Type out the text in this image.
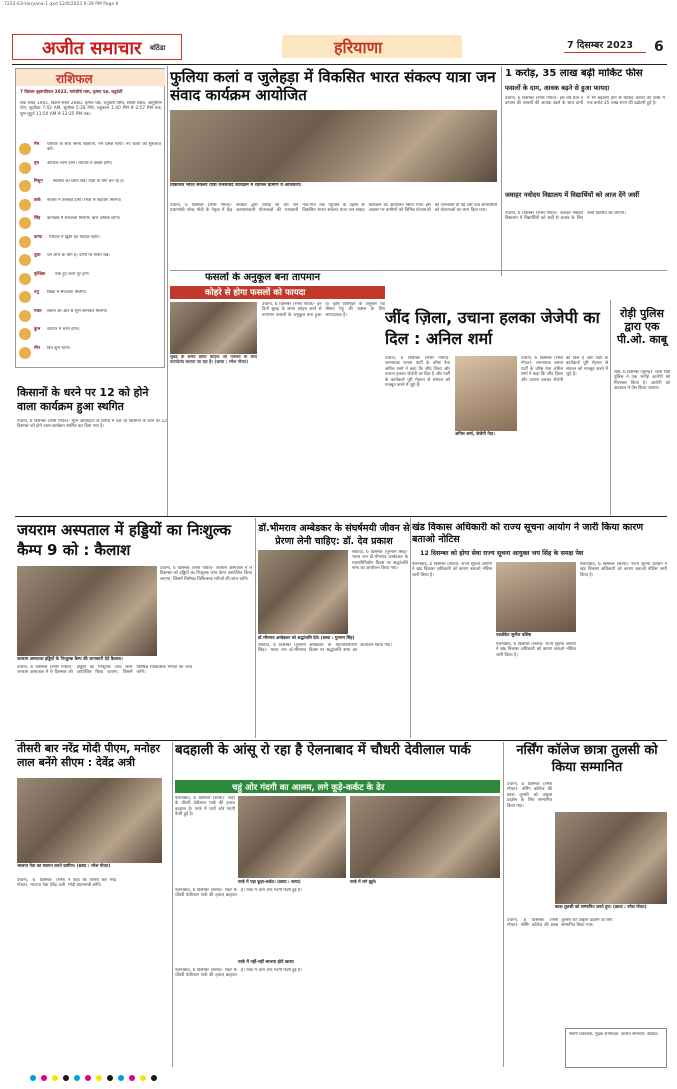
7222-63-Haryana-1.qxd 12/6/2023 9:39 PM Page 6
अजीत समाचार बठिंडा	हरियाणा	7 दिसम्बर 2023 6
राशिफल
7 दिसंबर बृहस्पतिवार 2023, मार्गशीर्ष मास, कृष्णा पक्ष, चतुर्दशी
शक संवत 1945, विक्रम संवत 2080, कृष्णा पक्ष, चतुर्दशी तिथि, स्वाति नक्षत्र, आयुष्मान योग, सूर्योदय 7:02 AM, सूर्यास्त 5:28 PM, राहुकाल 1:40 PM से 2:57 PM तक, शुभ मुहूर्त 11:50 AM से 12:35 PM तक।
मेष परिवार के साथ समय बिताएंगे, मन प्रसन्न रहेगा। नए कार्यों की शुरुआत करें।
वृष आर्थिक लाभ होगा। व्यापार में उन्नति होगी।
मिथुन स्वास्थ्य का ध्यान रखें। यात्रा के योग बन रहे हैं।
कर्क नौकरी में तरक्की होगी। मित्रों से सहयोग मिलेगा।
सिंह कार्यक्षेत्र में सफलता मिलेगी। खर्च अधिक रहेगा।
कन्या परिवार में खुशी का माहौल रहेगा।
तुला धन लाभ के योग हैं। वाणी पर संयम रखें।
वृश्चिक रुके हुए कार्य पूरे होंगे।
धनु शिक्षा में सफलता मिलेगी।
मकर संतान की ओर से शुभ समाचार मिलेगा।
कुंभ व्यापार में लाभ होगा।
मीन दिन शुभ रहेगा।
फुलिया कलां व जुलेहड़ा में विकसित भारत संकल्प यात्रा जन संवाद कार्यक्रम आयोजित
विकसित भारत संकल्प यात्रा जनसंवाद कार्यक्रम में शामिल ग्रामीण व अधिकारी।
उचाना, 6 दिसम्बर (रमेश गोयत)- प्रधानमंत्री नरेन्द्र मोदी के नेतृत्व में केंद्र सरकार द्वारा चलाई जा रही जन कल्याणकारी योजनाओं की जानकारी गांव-गांव तक पहुंचाने के उद्देश्य से विकसित भारत संकल्प यात्रा जन संवाद कार्यक्रम का आयोजन किया गया। इस अवसर पर ग्रामीणों को विभिन्न योजनाओं की जानकारी दी गई और पात्र लाभार्थियों को योजनाओं का लाभ दिया गया।
1 करोड़, 35 लाख बढ़ी मार्किट फीस
फसलों के दाम, आवक बढ़ने से हुआ फायदा
उचाना, 6 दिसम्बर (रमेश गोयत)- इस वर्ष धान व कपास की फसलों की आवक बढ़ने के साथ दामों में भी बढ़ोतरी होने से मार्किट कमेटी की फीस में एक करोड़ 35 लाख रुपए की बढ़ोतरी हुई है।
जवाहर नवोदय विद्यालय में विद्यार्थियों को आज देंगे जर्सी
उचाना, 6 दिसम्बर (रमेश गोयत)- जवाहर नवोदय विद्यालय में विद्यार्थियों को सर्दी से बचाव के लिए जर्सी वितरित की जाएगी।
फसलों के अनुकूल बना तापमान
कोहरे से होगा फसलों को फायदा
सुबह के समय छाया कोहरा जो फसलों के लिए फायदेमंद बताया जा रहा है। (छाया : रमेश गोयत)
उचाना, 6 दिसम्बर (रमेश गोयत)- इन दिनों सुबह के समय कोहरा छाने से तापमान फसलों के अनुकूल बना हुआ है। कृषि विशेषज्ञों के अनुसार यह मौसम गेहूं की फसल के लिए लाभदायक है।
किसानों के धरने पर 12 को होने वाला कार्यक्रम हुआ स्थगित
उचाना, 6 दिसम्बर (रमेश गोयत)- भूमि अधिग्रहण के विरोध में चल रहे किसानों के धरने पर 12 दिसम्बर को होने वाला कार्यक्रम स्थगित कर दिया गया है।
जींद ज़िला, उचाना हलका जेजेपी का दिल : अनिल शर्मा
उचाना, 6 दिसम्बर (रमेश गोयत)- जननायक जनता पार्टी के वरिष्ठ नेता अनिल शर्मा ने कहा कि जींद ज़िला और उचाना हलका जेजेपी का दिल है और पार्टी के कार्यकर्ता पूरी मेहनत से संगठन को मजबूत करने में जुटे हैं।
अनिल शर्मा, जेजेपी नेता।
उचाना, 6 दिसम्बर (रमेश गोयत)- जननायक जनता पार्टी के वरिष्ठ नेता अनिल शर्मा ने कहा कि जींद ज़िला और उचाना हलका जेजेपी का दिल है और पार्टी के कार्यकर्ता पूरी मेहनत से संगठन को मजबूत करने में जुटे हैं।
रोड़ी पुलिस द्वारा एक पी.ओ. काबू
रोड़ी, 6 दिसम्बर (सुरेन्द्र)- थाना रोड़ी पुलिस ने एक भगोड़े आरोपी को गिरफ्तार किया है। आरोपी को अदालत में पेश किया जाएगा।
जयराम अस्पताल में हड्डियों का निःशुल्क कैम्प 9 को : कैलाश
जयराम अस्पताल हड्डियों के निःशुल्क कैम्प की जानकारी देते कैलाश।
उचाना, 6 दिसम्बर (रमेश गोयत)- जयराम अस्पताल में 9 दिसम्बर को हड्डियों का निःशुल्क जांच कैम्प आयोजित किया जाएगा, जिसमें विशेषज्ञ चिकित्सक मरीजों की जांच करेंगे।
उचाना, 6 दिसम्बर (रमेश गोयत)- जयराम अस्पताल में 9 दिसम्बर को हड्डियों का निःशुल्क जांच कैम्प आयोजित किया जाएगा, जिसमें विशेषज्ञ चिकित्सक मरीजों की जांच करेंगे।
डॉ.भीमराव अम्बेडकर के संघर्षमयी जीवन से प्रेरणा लेनी चाहिए: डॉ. देव प्रकाश
डॉ.भीमराव अम्बेडकर को श्रद्धांजलि देते। (छाया : गुरनाम सिंह)
सफीदों, 6 दिसम्बर (गुरनाम सिंह)- भारत रत्न डॉ.भीमराव अम्बेडकर के महापरिनिर्वाण दिवस पर श्रद्धांजलि सभा का आयोजन किया गया।
सफीदों, 6 दिसम्बर (गुरनाम सिंह)- भारत रत्न डॉ.भीमराव अम्बेडकर के महापरिनिर्वाण दिवस पर श्रद्धांजलि सभा का आयोजन किया गया।
खंड विकास अधिकारी को राज्य सूचना आयोग ने जारी किया कारण बताओ नोटिस
12 दिसम्बर को होगा सेवा राज्य सूचना आयुक्त जय सिंह के समक्ष पेश
ऐलनाबाद, 6 दिसम्बर (सत्या)- राज्य सूचना आयोग ने खंड विकास अधिकारी को कारण बताओ नोटिस जारी किया है।
एडवोकेट सुनील वशिष्ठ
ऐलनाबाद, 6 दिसम्बर (सत्या)- राज्य सूचना आयोग ने खंड विकास अधिकारी को कारण बताओ नोटिस जारी किया है।
ऐलनाबाद, 6 दिसम्बर (सत्या)- राज्य सूचना आयोग ने खंड विकास अधिकारी को कारण बताओ नोटिस जारी किया है।
तीसरी बार नरेंद्र मोदी पीएम, मनोहर लाल बनेंगे सीएम : देवेंद्र अत्री
भाजपा नेता का स्वागत करते ग्रामीण। (छाया : रमेश गोयत)
उचाना, 6 दिसम्बर (रमेश गोयत)- भाजपा नेता देवेंद्र अत्री ने कहा कि तीसरी बार नरेंद्र मोदी प्रधानमंत्री बनेंगे।
बदहाली के आंसू रो रहा है ऐलनाबाद में चौधरी देवीलाल पार्क
चहुं ओर गंदगी का आलम, लगे कूड़े-कर्कट के ढेर
ऐलनाबाद, 6 दिसम्बर (सत्या)- शहर के चौधरी देवीलाल पार्क की हालत बदहाल है। पार्क में चारों ओर गंदगी फैली हुई है।
पार्क में पड़ा कूड़ा-कर्कट। (छाया : सत्या)	पार्क में लगे झूले।
ऐलनाबाद, 6 दिसम्बर (सत्या)- शहर के चौधरी देवीलाल पार्क की हालत बदहाल है। पार्क में चारों ओर गंदगी फैली हुई है।
पार्क में नहीं-नहीं भाजपा होते खतरा
ऐलनाबाद, 6 दिसम्बर (सत्या)- शहर के चौधरी देवीलाल पार्क की हालत बदहाल है। पार्क में चारों ओर गंदगी फैली हुई है।
नर्सिंग कॉलेज छात्रा तुलसी को किया सम्मानित
उचाना, 6 दिसम्बर (रमेश गोयत)- नर्सिंग कॉलेज की छात्रा तुलसी को उत्कृष्ट प्रदर्शन के लिए सम्मानित किया गया।
छात्रा तुलसी को सम्मानित करते हुए। (छाया : रमेश गोयत)
उचाना, 6 दिसम्बर (रमेश गोयत)- नर्सिंग कॉलेज की छात्रा तुलसी को उत्कृष्ट प्रदर्शन के लिए सम्मानित किया गया।
स्वामी प्रकाशक, मुद्रक सम्पादक: अजीत समाचार, बठिंडा।
